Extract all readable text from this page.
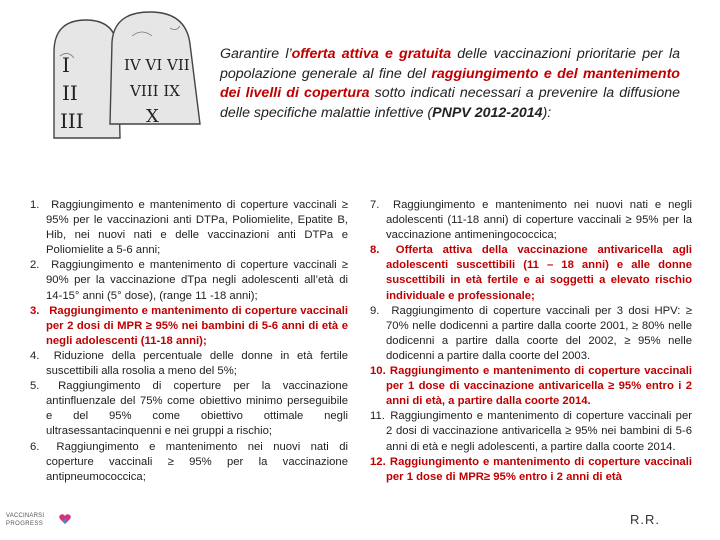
I
II
III
IV VI VII
VIII IX
X
Garantire l’offerta attiva e gratuita delle vaccinazioni prioritarie per la popolazione generale al fine del raggiungimento e del mantenimento dei livelli di copertura sotto indicati necessari a prevenire la diffusione delle specifiche malattie infettive (PNPV 2012-2014):
1. Raggiungimento e mantenimento di coperture vaccinali ≥ 95% per le vaccinazioni anti DTPa, Poliomielite, Epatite B, Hib, nei nuovi nati e delle vaccinazioni anti DTPa e Poliomielite a 5-6 anni;
2. Raggiungimento e mantenimento di coperture vaccinali ≥ 90% per la vaccinazione dTpa negli adolescenti all’età di 14-15° anni (5° dose), (range 11 -18 anni);
3. Raggiungimento e mantenimento di coperture vaccinali per 2 dosi di MPR ≥ 95% nei bambini di 5-6 anni di età e negli adolescenti (11-18 anni);
4. Riduzione della percentuale delle donne in età fertile suscettibili alla rosolia a meno del 5%;
5. Raggiungimento di coperture per la vaccinazione antinfluenzale del 75% come obiettivo minimo perseguibile e del 95% come obiettivo ottimale negli ultrasessantacinquenni e nei gruppi a rischio;
6. Raggiungimento e mantenimento nei nuovi nati di coperture vaccinali ≥ 95% per la vaccinazione antipneumococcica;
7. Raggiungimento e mantenimento nei nuovi nati e negli adolescenti (11-18 anni) di coperture vaccinali ≥ 95% per la vaccinazione antimeningococcica;
8. Offerta attiva della vaccinazione antivaricella agli adolescenti suscettibili (11 – 18 anni) e alle donne suscettibili in età fertile e ai soggetti a elevato rischio individuale e professionale;
9. Raggiungimento di coperture vaccinali per 3 dosi HPV: ≥ 70% nelle dodicenni a partire dalla coorte 2001, ≥ 80% nelle dodicenni a partire dalla coorte del 2002, ≥ 95% nelle dodicenni a partire dalla coorte del 2003.
10. Raggiungimento e mantenimento di coperture vaccinali per 1 dose di vaccinazione antivaricella ≥ 95% entro i 2 anni di età, a partire dalla coorte 2014.
11. Raggiungimento e mantenimento di coperture vaccinali per 2 dosi di vaccinazione antivaricella ≥ 95% nei bambini di 5-6 anni di età e negli adolescenti, a partire dalla coorte 2014.
12. Raggiungimento e mantenimento di coperture vaccinali per 1 dose di MPR≥ 95% entro i 2 anni di età
VACCINARSI
PROGRESS	R.R.
